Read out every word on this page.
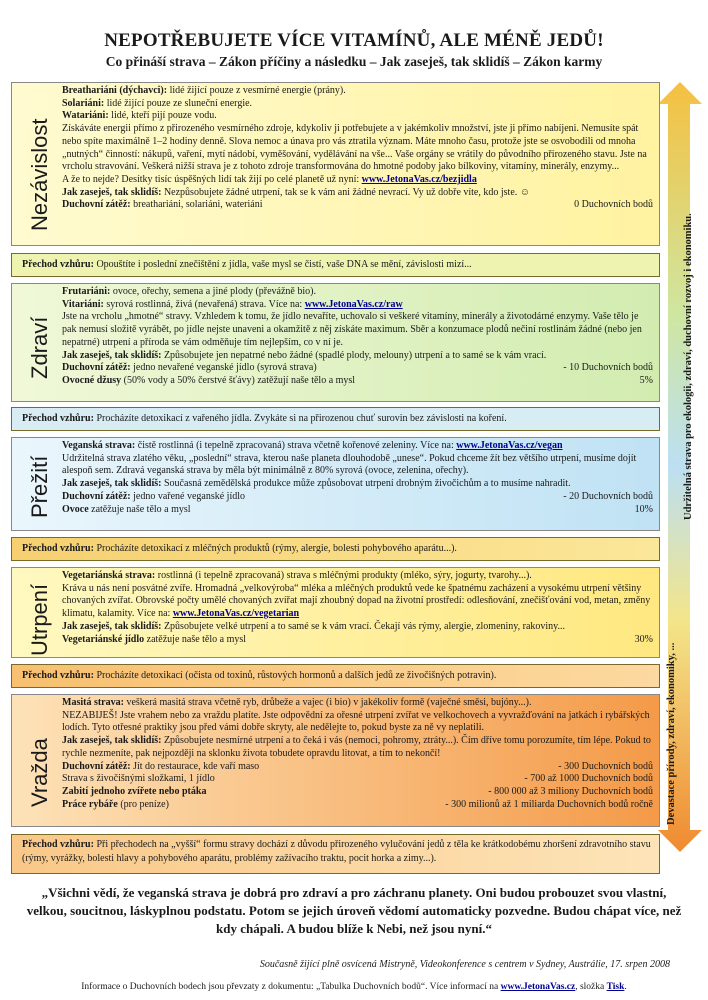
NEPOTŘEBUJETE VÍCE VITAMÍNŮ, ALE MÉNĚ JEDŮ!
Co přináší strava – Zákon příčiny a následku – Jak zaseješ, tak sklidíš – Zákon karmy
Udržitelná strava pro ekologii, zdraví, duchovní rozvoj i ekonomiku.
Devastace přírody, zdraví, ekonomiky, ...
Nezávislost

Breathariáni (dýchavci): lidé žijící pouze z vesmírné energie (prány).

Solariáni: lidé žijící pouze ze sluneční energie.

Watariáni: lidé, kteří pijí pouze vodu.

Získáváte energii přímo z přirozeného vesmírného zdroje, kdykoliv ji potřebujete a v jakémkoliv množství, jste ji přímo nabíjeni. Nemusíte spát nebo spíte maximálně 1–2 hodiny denně. Slova nemoc a únava pro vás ztratila význam. Máte mnoho času, protože jste se osvobodili od mnoha „nutných“ činností: nákupů, vaření, mytí nádobí, vyměšování, vydělávání na vše... Vaše orgány se vrátily do původního přirozeného stavu. Jste na vrcholu stravování. Veškerá nižší strava je z tohoto zdroje transformována do hmotné podoby jako bílkoviny, vitamíny, minerály, enzymy...

A že to nejde? Desítky tisíc úspěšných lidí tak žijí po celé planetě už nyní: www.JetonaVas.cz/bezjidla

Jak zaseješ, tak sklidíš: Nezpůsobujete žádné utrpení, tak se k vám ani žádné nevrací. Vy už dobře víte, kdo jste. ☺

Duchovní zátěž: breathariáni, solariáni, wateriáni	0 Duchovních bodů

Přechod vzhůru: Opouštíte i poslední znečištění z jídla, vaše mysl se čistí, vaše DNA se mění, závislosti mizí...
Zdraví

Frutariáni: ovoce, ořechy, semena a jiné plody (převážně bio).

Vitariáni: syrová rostlinná, živá (nevařená) strava. Více na: www.JetonaVas.cz/raw

Jste na vrcholu „hmotné“ stravy. Vzhledem k tomu, že jídlo nevaříte, uchovalo si veškeré vitamíny, minerály a životodárné enzymy. Vaše tělo je pak nemusí složitě vyrábět, po jídle nejste unaveni a okamžitě z něj získáte maximum. Sběr a konzumace plodů nečiní rostlinám žádné (nebo jen nepatrné) utrpení a příroda se vám odměňuje tím nejlepším, co v ní je.

Jak zaseješ, tak sklidíš: Způsobujete jen nepatrné nebo žádné (spadlé plody, melouny) utrpení a to samé se k vám vrací.

Duchovní zátěž: jedno nevařené veganské jídlo (syrová strava)	- 10 Duchovních bodů

Ovocné džusy (50% vody a 50% čerstvé šťávy) zatěžují naše tělo a mysl	5%

Přechod vzhůru: Procházíte detoxikací z vařeného jídla. Zvykáte si na přirozenou chuť surovin bez závislosti na koření.
Přežití

Veganská strava: čistě rostlinná (i tepelně zpracovaná) strava včetně kořenové zeleniny. Více na: www.JetonaVas.cz/vegan

Udržitelná strava zlatého věku, „poslední“ strava, kterou naše planeta dlouhodobě „unese“. Pokud chceme žít bez většího utrpení, musíme dojít alespoň sem. Zdravá veganská strava by měla být minimálně z 80% syrová (ovoce, zelenina, ořechy).

Jak zaseješ, tak sklidíš: Současná zemědělská produkce může způsobovat utrpení drobným živočichům a to musíme nahradit.

Duchovní zátěž: jedno vařené veganské jídlo	- 20 Duchovních bodů

Ovoce zatěžuje naše tělo a mysl	10%

Přechod vzhůru: Procházíte detoxikací z mléčných produktů (rýmy, alergie, bolesti pohybového aparátu...).
Utrpení

Vegetariánská strava: rostlinná (i tepelně zpracovaná) strava s mléčnými produkty (mléko, sýry, jogurty, tvarohy...).

Kráva u nás není posvátné zvíře. Hromadná „velkovýroba“ mléka a mléčných produktů vede ke špatnému zacházení a vysokému utrpení většiny chovaných zvířat. Obrovské počty umělé chovaných zvířat mají zhoubný dopad na životní prostředí: odlesňování, znečišťování vod, metan, změny klimatu, kalamity. Více na: www.JetonaVas.cz/vegetarian

Jak zaseješ, tak sklidíš: Způsobujete velké utrpení a to samé se k vám vrací. Čekají vás rýmy, alergie, zlomeniny, rakoviny...

Vegetariánské jídlo zatěžuje naše tělo a mysl	30%

Přechod vzhůru: Procházíte detoxikací (očista od toxinů, růstových hormonů a dalších jedů ze živočišných potravin).
Vražda

Masitá strava: veškerá masitá strava včetně ryb, drůbeže a vajec (i bio) v jakékoliv formě (vaječné směsi, bujóny...).

NEZABIJEŠ! Jste vrahem nebo za vraždu platíte. Jste odpovědní za ořesné utrpení zvířat ve velkochovech a vyvražďování na jatkách i rybářských lodích. Tyto otřesné praktiky jsou před vámi dobře skryty, ale nedělejte to, pokud byste za ně vy neplatili.

Jak zaseješ, tak sklidíš: Způsobujete nesmírné utrpení a to čeká i vás (nemoci, pohromy, ztráty...). Čím dříve tomu porozumíte, tím lépe. Pokud to rychle nezmeníte, pak nejpozději na sklonku života tobudete opravdu litovat, a tím to nekončí!

Duchovní zátěž: Jít do restaurace, kde vaří maso	- 300 Duchovních bodů

Strava s živočišnými složkami, 1 jídlo	- 700 až 1000 Duchovních bodů

Zabití jednoho zvířete nebo ptáka	- 800 000 až 3 miliony Duchovních bodů

Práce rybáře (pro peníze)	- 300 milionů až 1 miliarda Duchovních bodů ročně

Přechod vzhůru: Při přechodech na „vyšší“ formu stravy dochází z důvodu přirozeného vylučování jedů z těla ke krátkodobému zhoršení zdravotního stavu (rýmy, vyrážky, bolesti hlavy a pohybového aparátu, problémy zažívacího traktu, pocit horka a zimy...).
„Všichni vědí, že veganská strava je dobrá pro zdraví a pro záchranu planety. Oni budou probouzet svou vlastní, velkou, soucitnou, láskyplnou podstatu. Potom se jejich úroveň vědomí automaticky pozvedne. Budou chápat více, než kdy chápali. A budou blíže k Nebi, než jsou nyní.“
Současně žijící plně osvícená Mistryně, Videokonference s centrem v Sydney, Austrálie, 17. srpen 2008
Informace o Duchovních bodech jsou převzaty z dokumentu: „Tabulka Duchovních bodů“. Více informací na www.JetonaVas.cz, složka Tisk.
